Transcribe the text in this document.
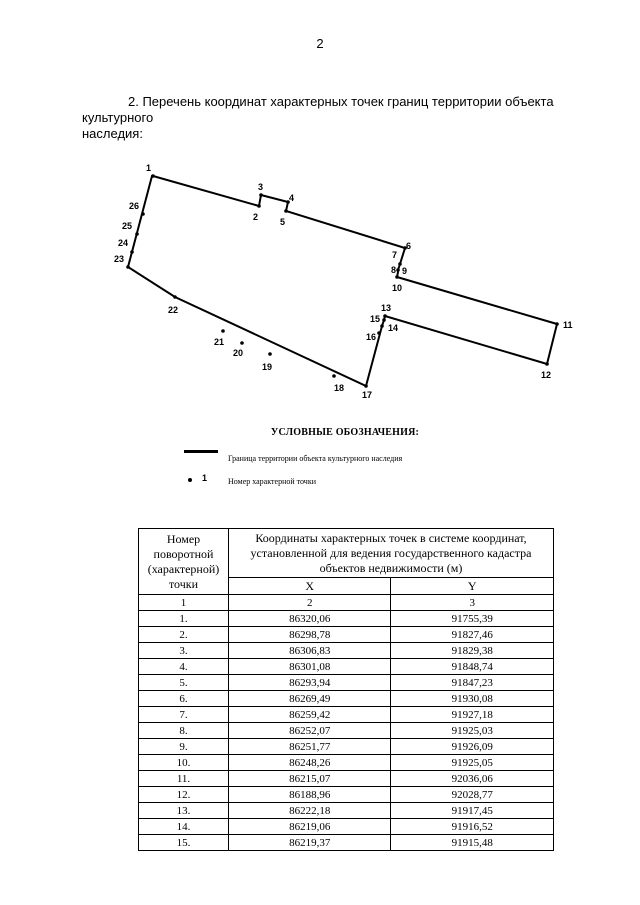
2
2. Перечень координат характерных точек границ территории объекта культурного
наследия:
1
2
3
4
5
6
7
8 9
10
11
12
13
14
15
16
17
18
19
20
21
22
23
24
25
26
УСЛОВНЫЕ ОБОЗНАЧЕНИЯ:
Граница территории объекта культурного наследия
1	Номер характерной точки
Номер поворотной (характерной) точки	Координаты характерных точек в системе координат, установленной для ведения государственного кадастра объектов недвижимости (м)	
	X	Y
1	2	3
1.	86320,06	91755,39
2.	86298,78	91827,46
3.	86306,83	91829,38
4.	86301,08	91848,74
5.	86293,94	91847,23
6.	86269,49	91930,08
7.	86259,42	91927,18
8.	86252,07	91925,03
9.	86251,77	91926,09
10.	86248,26	91925,05
11.	86215,07	92036,06
12.	86188,96	92028,77
13.	86222,18	91917,45
14.	86219,06	91916,52
15.	86219,37	91915,48
